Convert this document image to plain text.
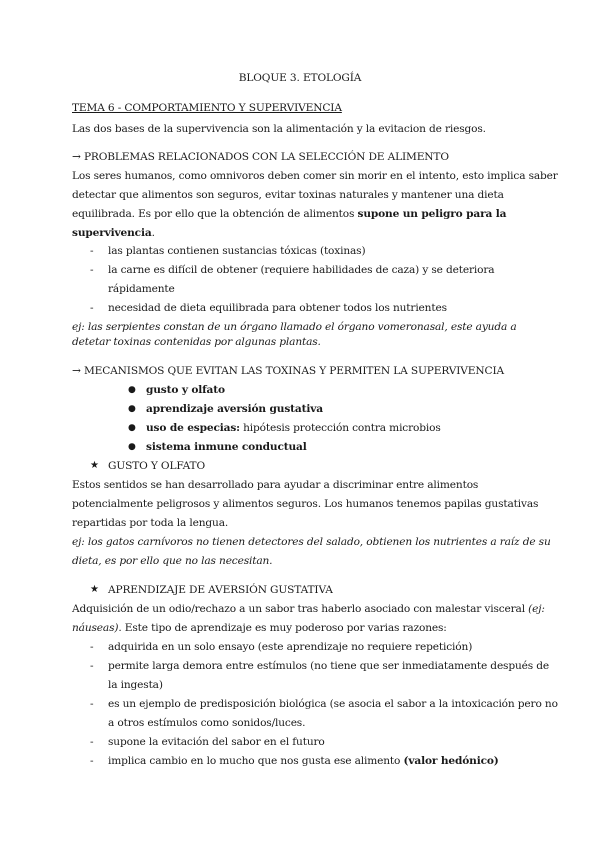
BLOQUE 3. ETOLOGÍA
TEMA 6 - COMPORTAMIENTO Y SUPERVIVENCIA
Las dos bases de la supervivencia son la alimentación y la evitacion de riesgos.
→ PROBLEMAS RELACIONADOS CON LA SELECCIÓN DE ALIMENTO
Los seres humanos, como omnivoros deben comer sin morir en el intento, esto implica saber
detectar que alimentos son seguros, evitar toxinas naturales y mantener una dieta
equilibrada. Es por ello que la obtención de alimentos supone un peligro para la
supervivencia.
- las plantas contienen sustancias tóxicas (toxinas)
- la carne es difícil de obtener (requiere habilidades de caza) y se deteriora
rápidamente
- necesidad de dieta equilibrada para obtener todos los nutrientes
ej: las serpientes constan de un órgano llamado el órgano vomeronasal, este ayuda a
detetar toxinas contenidas por algunas plantas.
→ MECANISMOS QUE EVITAN LAS TOXINAS Y PERMITEN LA SUPERVIVENCIA
● gusto y olfato
● aprendizaje aversión gustativa
● uso de especias: hipótesis protección contra microbios
● sistema inmune conductual
★ GUSTO Y OLFATO
Estos sentidos se han desarrollado para ayudar a discriminar entre alimentos
potencialmente peligrosos y alimentos seguros. Los humanos tenemos papilas gustativas
repartidas por toda la lengua.
ej: los gatos carnívoros no tienen detectores del salado, obtienen los nutrientes a raíz de su
dieta, es por ello que no las necesitan.
★ APRENDIZAJE DE AVERSIÓN GUSTATIVA
Adquisición de un odio/rechazo a un sabor tras haberlo asociado con malestar visceral (ej:
náuseas). Este tipo de aprendizaje es muy poderoso por varias razones:
- adquirida en un solo ensayo (este aprendizaje no requiere repetición)
- permite larga demora entre estímulos (no tiene que ser inmediatamente después de
la ingesta)
- es un ejemplo de predisposición biológica (se asocia el sabor a la intoxicación pero no
a otros estímulos como sonidos/luces.
- supone la evitación del sabor en el futuro
- implica cambio en lo mucho que nos gusta ese alimento (valor hedónico)
